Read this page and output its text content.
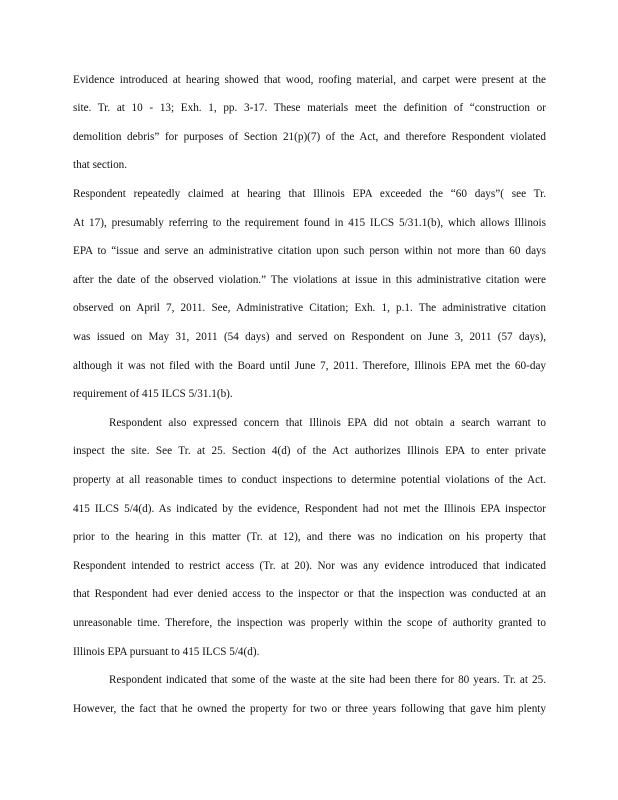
Evidence introduced at hearing showed that wood, roofing material, and carpet were present at the
site. Tr. at 10 - 13; Exh. 1, pp. 3-17. These materials meet the definition of “construction or
demolition debris” for purposes of Section 21(p)(7) of the Act, and therefore Respondent violated
that section.
Respondent repeatedly claimed at hearing that Illinois EPA exceeded the “60 days”( see Tr.
At 17), presumably referring to the requirement found in 415 ILCS 5/31.1(b), which allows Illinois
EPA to “issue and serve an administrative citation upon such person within not more than 60 days
after the date of the observed violation.” The violations at issue in this administrative citation were
observed on April 7, 2011. See, Administrative Citation; Exh. 1, p.1. The administrative citation
was issued on May 31, 2011 (54 days) and served on Respondent on June 3, 2011 (57 days),
although it was not filed with the Board until June 7, 2011. Therefore, Illinois EPA met the 60-day
requirement of 415 ILCS 5/31.1(b).
Respondent also expressed concern that Illinois EPA did not obtain a search warrant to
inspect the site. See Tr. at 25. Section 4(d) of the Act authorizes Illinois EPA to enter private
property at all reasonable times to conduct inspections to determine potential violations of the Act.
415 ILCS 5/4(d). As indicated by the evidence, Respondent had not met the Illinois EPA inspector
prior to the hearing in this matter (Tr. at 12), and there was no indication on his property that
Respondent intended to restrict access (Tr. at 20). Nor was any evidence introduced that indicated
that Respondent had ever denied access to the inspector or that the inspection was conducted at an
unreasonable time. Therefore, the inspection was properly within the scope of authority granted to
Illinois EPA pursuant to 415 ILCS 5/4(d).
Respondent indicated that some of the waste at the site had been there for 80 years. Tr. at 25.
However, the fact that he owned the property for two or three years following that gave him plenty
